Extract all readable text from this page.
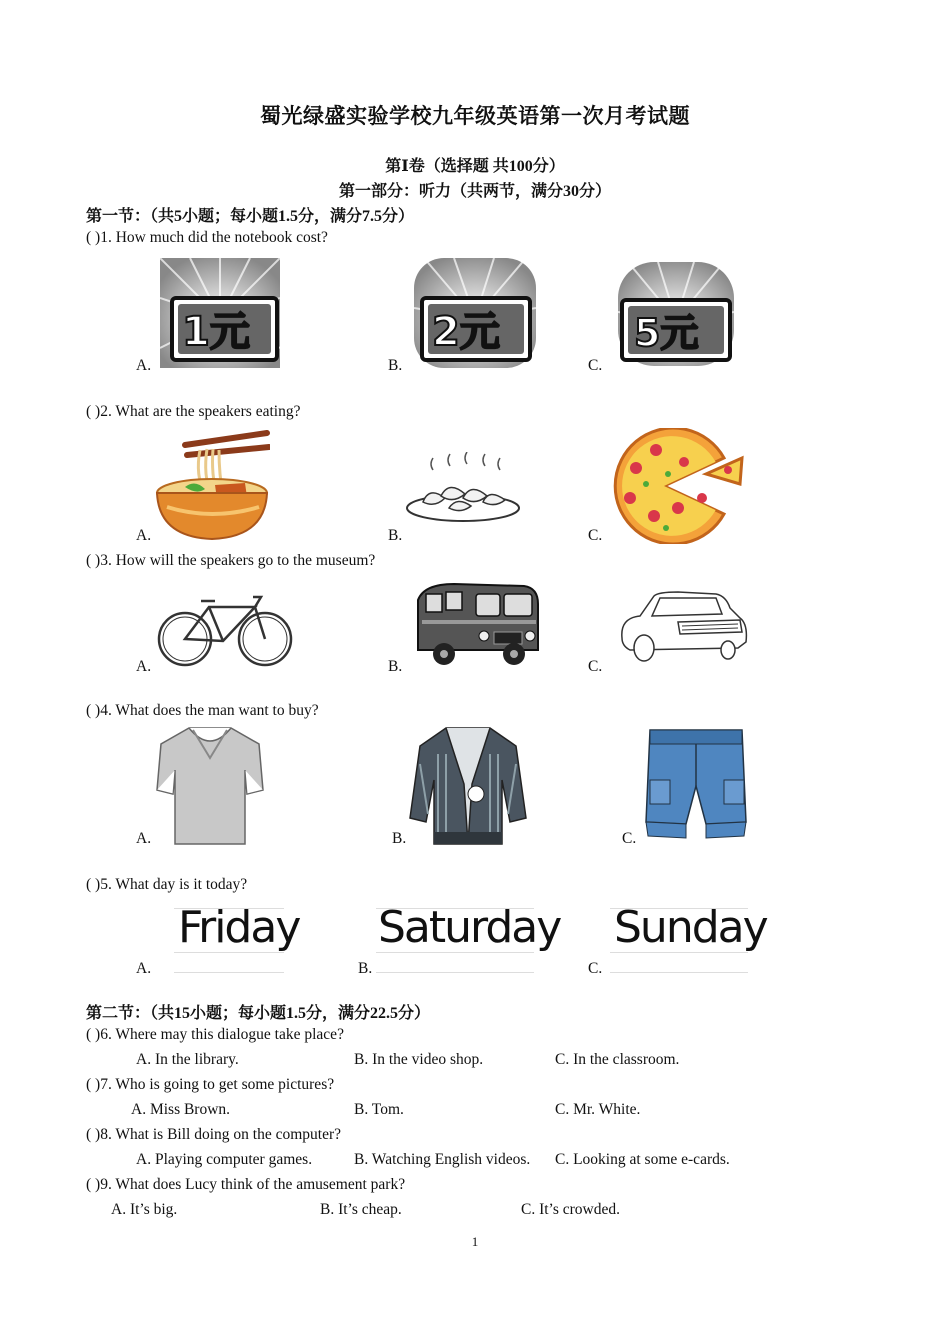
蜀光绿盛实验学校九年级英语第一次月考试题
第Ⅰ卷（选择题 共100分）
第一部分：听力（共两节，满分30分）
第一节：（共5小题；每小题1.5分，满分7.5分）
( )1. How much did the notebook cost?
A.	B.	C.
1元	2元	5元
( )2. What are the speakers eating?
A.	B.	C.
( )3. How will the speakers go to the museum?
A.	B.	C.
( )4. What does the man want to buy?
A.	B.	C.
( )5. What day is it today?
A.	B.	C.
Friday Saturday Sunday
第二节：（共15小题；每小题1.5分，满分22.5分）
( )6. Where may this dialogue take place?
A. In the library.	B. In the video shop.	C. In the classroom.
( )7. Who is going to get some pictures?
A. Miss Brown.	B. Tom.	C. Mr. White.
( )8. What is Bill doing on the computer?
A. Playing computer games.	B. Watching English videos. C. Looking at some e-cards.
( )9. What does Lucy think of the amusement park?
A. It’s big.	B. It’s cheap.	C. It’s crowded.
1
